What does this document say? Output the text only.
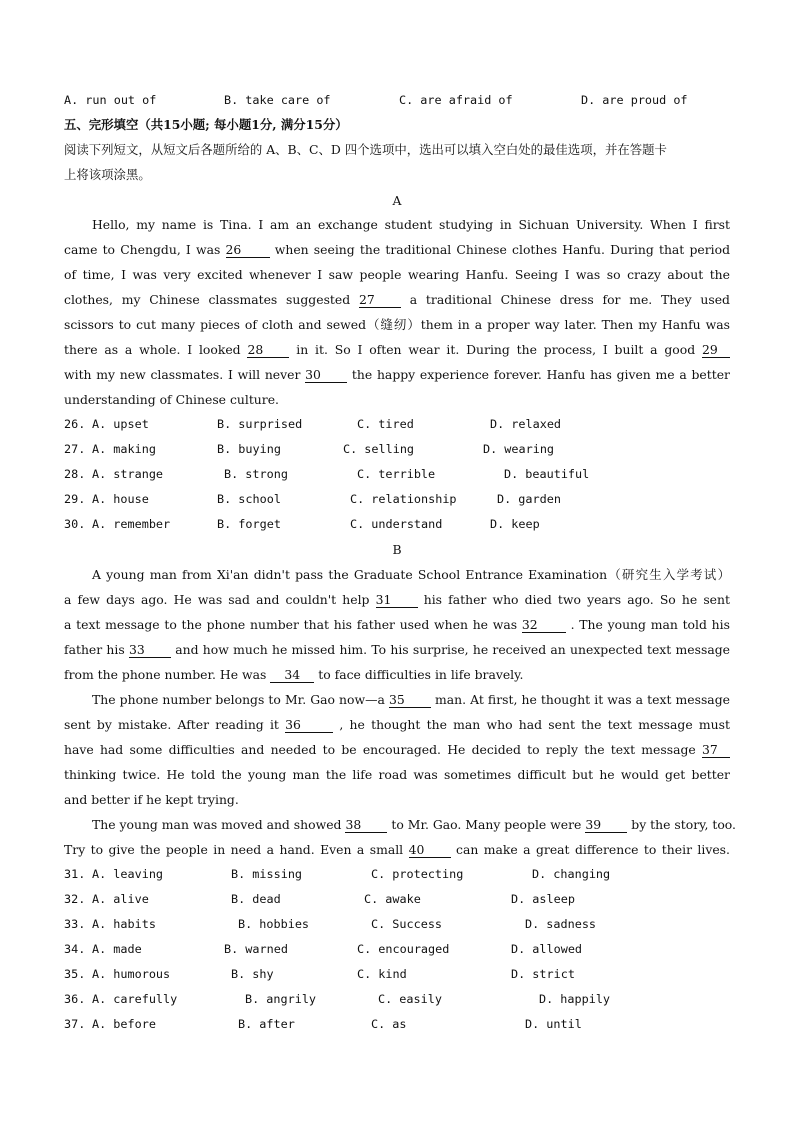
A. run out of	B. take care of	C. are afraid of	D. are proud of
五、完形填空（共15小题; 每小题1分, 满分15分）
阅读下列短文，从短文后各题所给的 A、B、C、D 四个选项中，选出可以填入空白处的最佳选项，并在答题卡
上将该项涂黑。
A
Hello, my name is Tina. I am an exchange student studying in Sichuan University. When I first
came to Chengdu, I was 26	when seeing the traditional Chinese clothes Hanfu. During that period
of time, I was very excited whenever I saw people wearing Hanfu. Seeing I was so crazy about the
clothes, my Chinese classmates suggested 27	a traditional Chinese dress for me. They used
scissors to cut many pieces of cloth and sewed（缝纫）them in a proper way later. Then my Hanfu was
there as a whole. I looked 28	in it. So I often wear it. During the process, I built a good 29
with my new classmates. I will never 30 the happy experience forever. Hanfu has given me a better
understanding of Chinese culture.
26. A. upset	B. surprised	C. tired	D. relaxed
27. A. making	B. buying	C. selling	D. wearing
28. A. strange	B. strong	C. terrible	D. beautiful
29. A. house	B. school	C. relationship	D. garden
30. A. remember	B. forget	C. understand	D. keep
B
A young man from Xi'an didn't pass the Graduate School Entrance Examination（研究生入学考试）
a few days ago. He was sad and couldn't help 31	his father who died two years ago. So he sent
a text message to the phone number that his father used when he was 32	. The young man told his
father his 33 and how much he missed him. To his surprise, he received an unexpected text message
from the phone number. He was 34 to face difficulties in life bravely.
The phone number belongs to Mr. Gao now—a 35 man. At first, he thought it was a text message
sent by mistake. After reading it 36	, he thought the man who had sent the text message must
have had some difficulties and needed to be encouraged. He decided to reply the text message 37
thinking twice. He told the young man the life road was sometimes difficult but he would get better
and better if he kept trying.
The young man was moved and showed 38 to Mr. Gao. Many people were 39 by the story, too.
Try to give the people in need a hand. Even a small 40	can make a great difference to their lives.
31. A. leaving	B. missing	C. protecting	D. changing
32. A. alive	B. dead	C. awake	D. asleep
33. A. habits	B. hobbies	C. Success	D. sadness
34. A. made	B. warned	C. encouraged	D. allowed
35. A. humorous	B. shy	C. kind	D. strict
36. A. carefully	B. angrily	C. easily	D. happily
37. A. before	B. after	C. as	D. until
